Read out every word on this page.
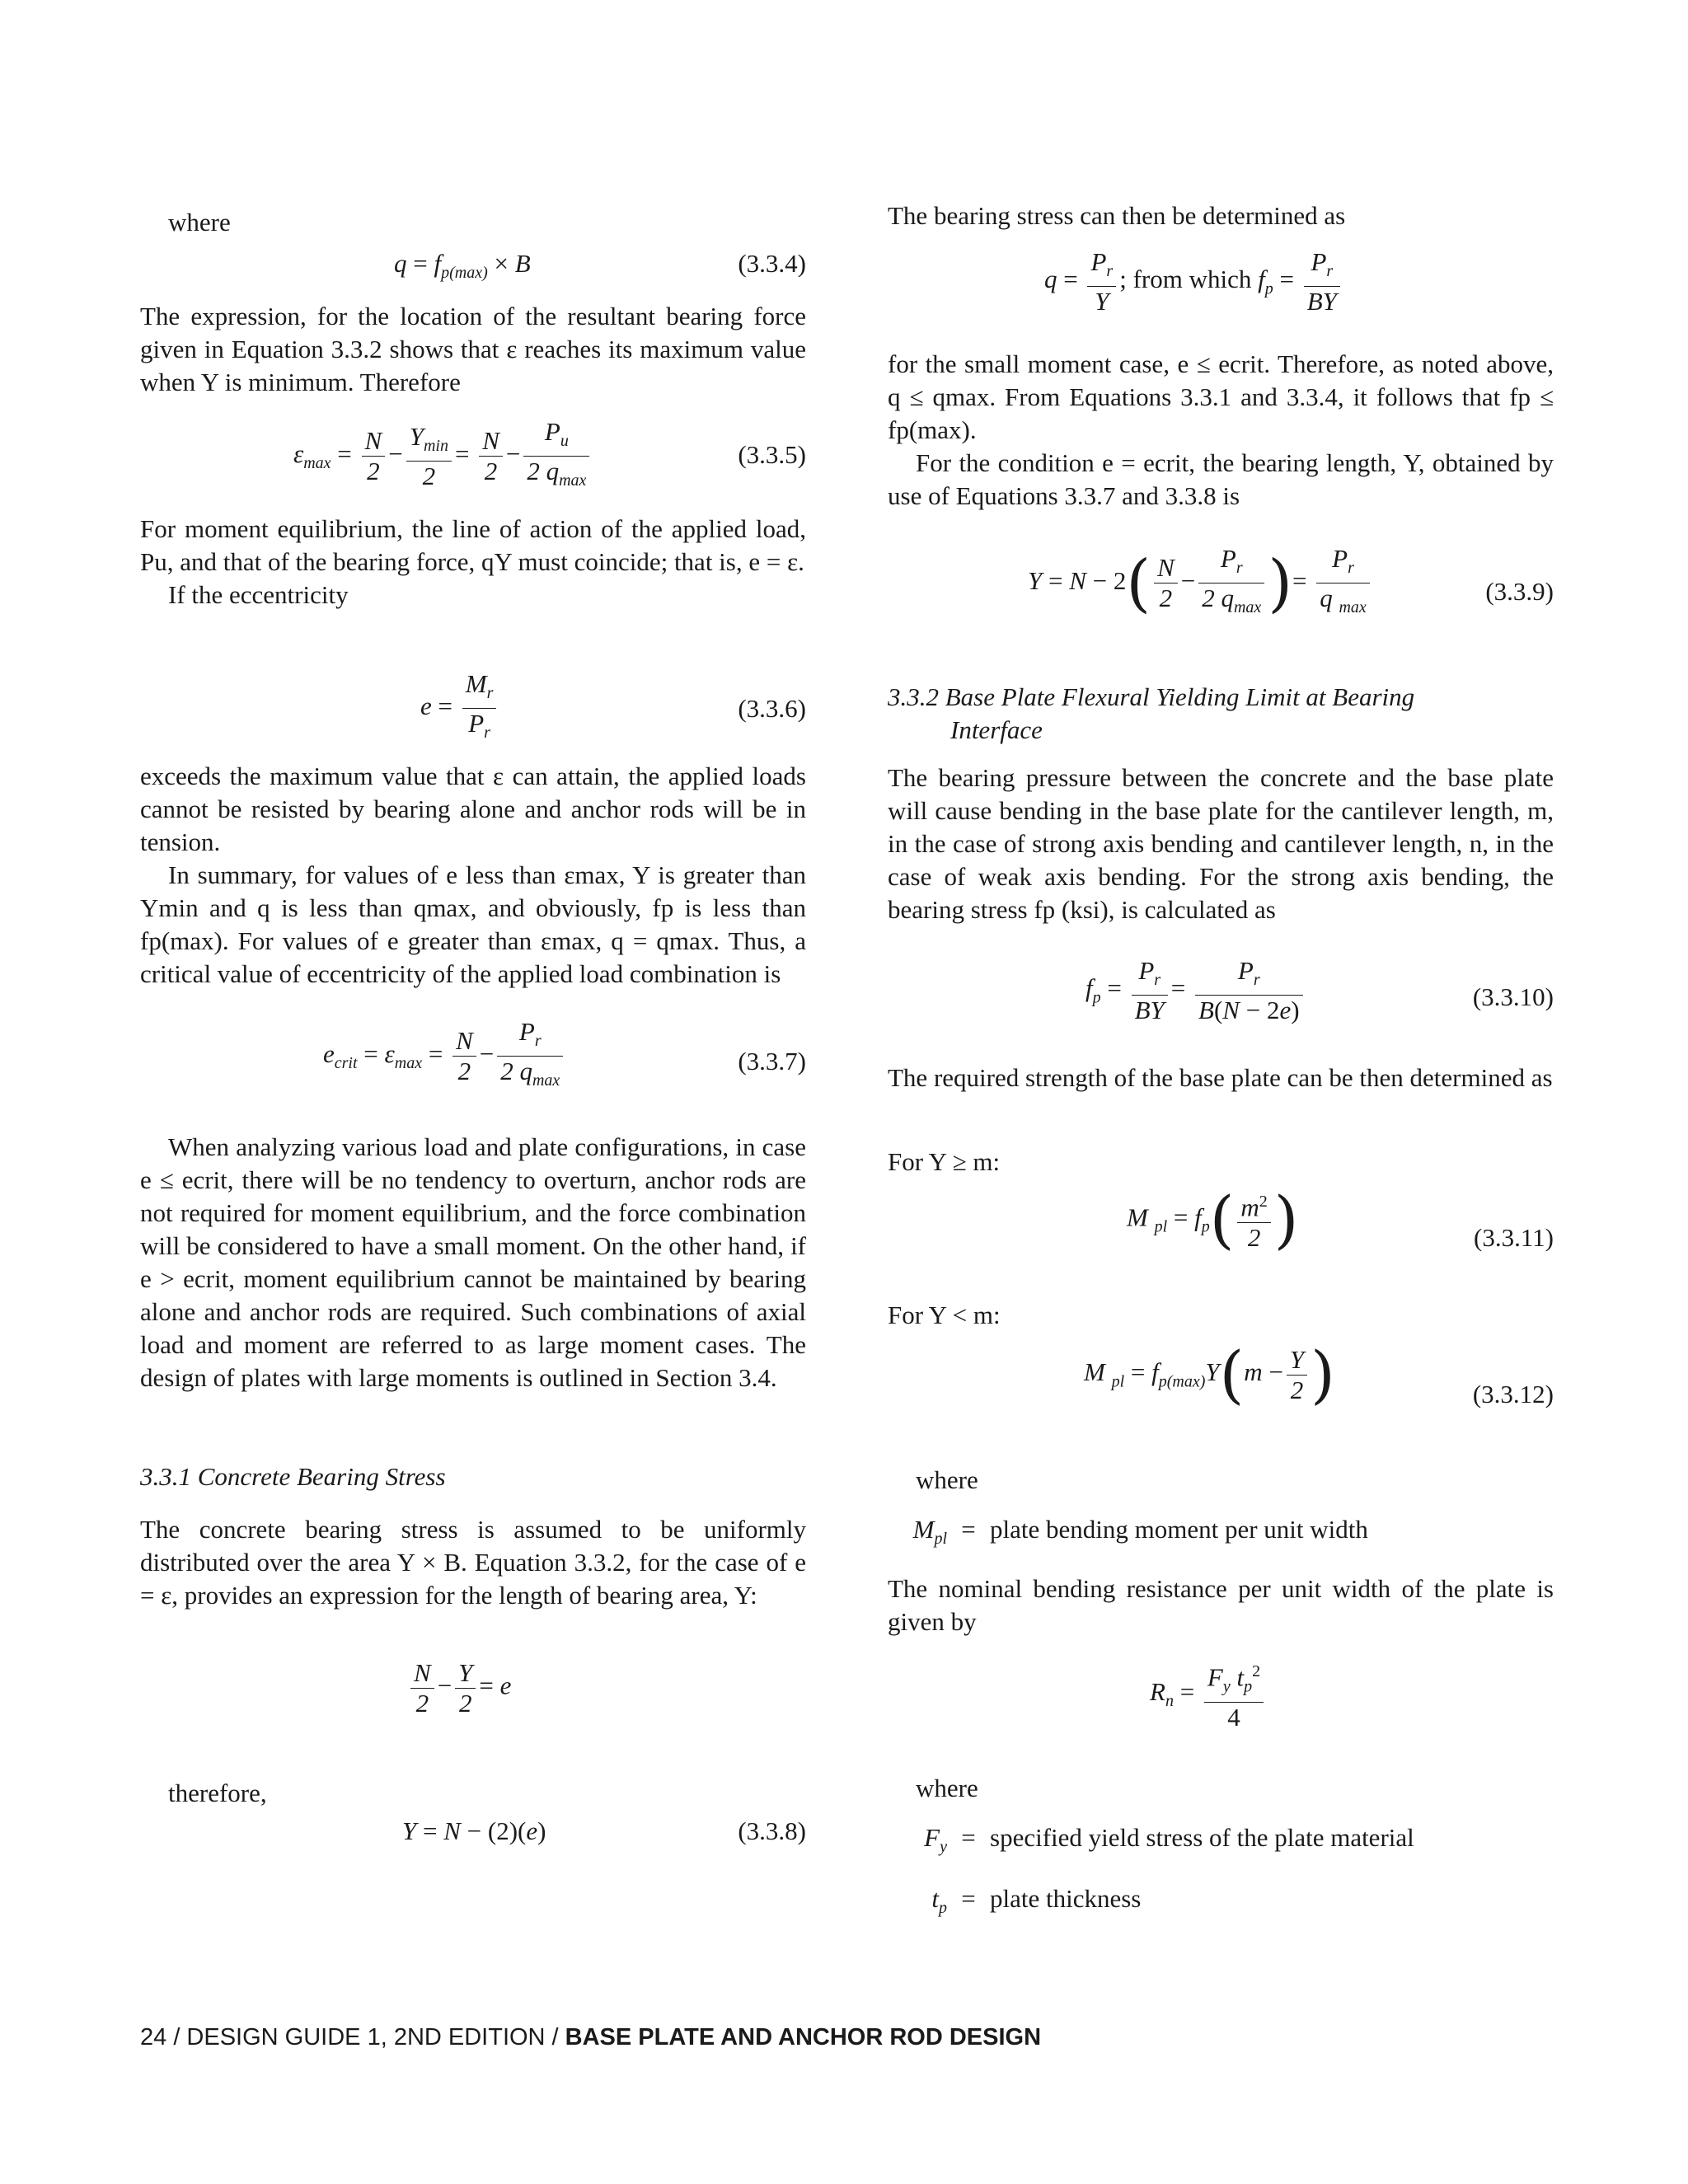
where
$q = f_{p(max)} \times B$	(3.3.4)

The expression, for the location of the resultant bearing force given in Equation 3.3.2 shows that ε reaches its maximum value when Y is minimum. Therefore

$\varepsilon_{max} = \frac{N}{2} - \frac{Y_{min}}{2} = \frac{N}{2} - \frac{P_u}{2 q_{max}}$	(3.3.5)

For moment equilibrium, the line of action of the applied load, Pu, and that of the bearing force, qY must coincide; that is, e = ε.

If the eccentricity

$e = \frac{M_r}{P_r}$	(3.3.6)

exceeds the maximum value that ε can attain, the applied loads cannot be resisted by bearing alone and anchor rods will be in tension.

In summary, for values of e less than εmax, Y is greater than Ymin and q is less than qmax, and obviously, fp is less than fp(max). For values of e greater than εmax, q = qmax. Thus, a critical value of eccentricity of the applied load combination is

$e_{crit} = \varepsilon_{max} = \frac{N}{2} - \frac{P_r}{2 q_{max}}$	(3.3.7)

When analyzing various load and plate configurations, in case e ≤ ecrit, there will be no tendency to overturn, anchor rods are not required for moment equilibrium, and the force combination will be considered to have a small moment. On the other hand, if e > ecrit, moment equilibrium cannot be maintained by bearing alone and anchor rods are required. Such combinations of axial load and moment are referred to as large moment cases. The design of plates with large moments is outlined in Section 3.4.

3.3.1 Concrete Bearing Stress

The concrete bearing stress is assumed to be uniformly distributed over the area Y × B. Equation 3.3.2, for the case of e = ε, provides an expression for the length of bearing area, Y:

$\frac{N}{2} - \frac{Y}{2} = e$
therefore,
Y = N − (2)(e)	(3.3.8)

The bearing stress can then be determined as

$q = \frac{P_r}{Y}$ ; from which $f_p = \frac{P_r}{BY}$

for the small moment case, e ≤ ecrit. Therefore, as noted above, q ≤ qmax. From Equations 3.3.1 and 3.3.4, it follows that fp ≤ fp(max).

For the condition e = ecrit, the bearing length, Y, obtained by use of Equations 3.3.7 and 3.3.8 is

$Y = N - 2( \frac{N}{2} - \frac{P_r}{2 q_{max}}$ )= $\frac{P_r}{q _{max}}$	(3.3.9)
3.3.2 Base Plate Flexural Yielding Limit at Bearing
Interface

The bearing pressure between the concrete and the base plate will cause bending in the base plate for the cantilever length, m, in the case of strong axis bending and cantilever length, n, in the case of weak axis bending. For the strong axis bending, the bearing stress fp (ksi), is calculated as

$f_p = \frac{P_r}{BY} = \frac{P_r}{B(N - 2e)}$	(3.3.10)

The required strength of the base plate can be then determined as

For Y ≥ m:
M $_{pl} = f_p( \frac{m^2}{2}$ )	(3.3.11)
For Y < m:
M $_{pl} = f_{p(max)}Y(m - \frac{Y}{2}$ )	(3.3.12)
where
$M_{pl}$ = plate bending moment per unit width

The nominal bending resistance per unit width of the plate is given by

$R_n = \frac{F_y t_p^2}{4}$
where
$F_y$ = specified yield stress of the plate material
$t_p$ = plate thickness
24 / DESIGN GUIDE 1, 2ND EDITION / BASE PLATE AND ANCHOR ROD DESIGN
